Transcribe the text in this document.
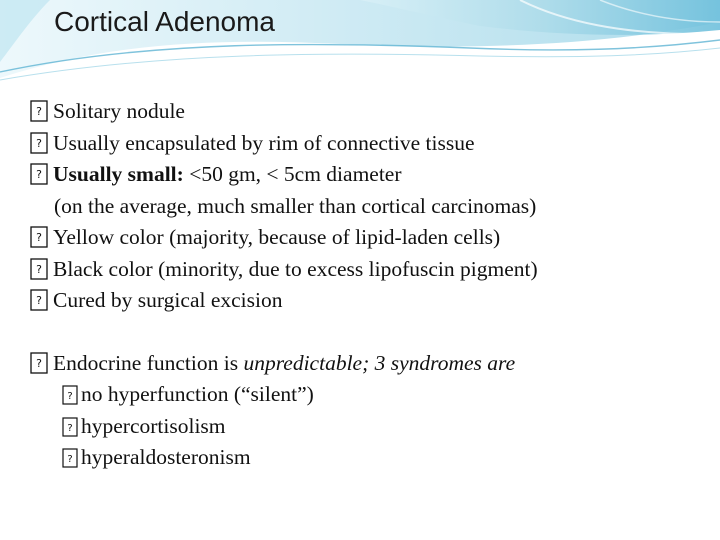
Cortical Adenoma
? Solitary nodule
? Usually encapsulated by rim of connective tissue
? Usually small: <50 gm, < 5cm diameter
(on the average, much smaller than cortical carcinomas)
? Yellow color (majority, because of lipid-laden cells)
? Black color (minority, due to excess lipofuscin pigment)
? Cured by surgical excision
? Endocrine function is unpredictable; 3 syndromes are
? no hyperfunction (“silent”)
? hypercortisolism
? hyperaldosteronism
